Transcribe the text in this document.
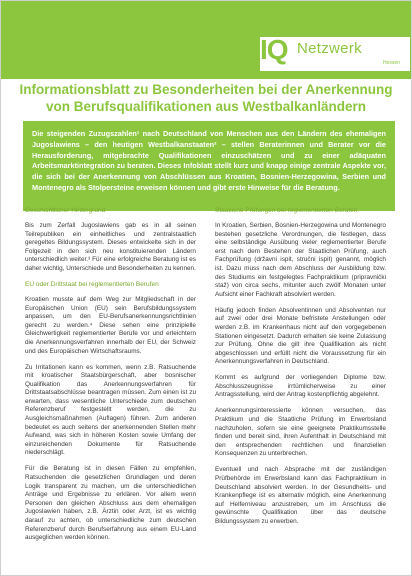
IQ Netzwerk
Hessen
Informationsblatt zu Besonderheiten bei der Anerkennung
von Berufsqualifikationen aus Westbalkanländern
Die steigenden Zuzugszahlen¹ nach Deutschland von Menschen aus den Ländern des ehemaligen Jugoslawiens – den heutigen Westbalkanstaaten² – stellen Beraterinnen und Berater vor die Herausforderung, mitgebrachte Qualifikationen einzuschätzen und zu einer adäquaten Arbeitsmarktintegration zu beraten. Dieses Infoblatt stellt kurz und knapp einige zentrale Aspekte vor, die sich bei der Anerkennung von Abschlüssen aus Kroatien, Bosnien-Herzegowina, Serbien und Montenegro als Stolpersteine erweisen können und gibt erste Hinweise für die Beratung.
Geschichtlicher Hintergrund

Bis zum Zerfall Jugoslawiens gab es in all seinen Teilrepubliken ein einheitliches und zentralstaatlich geregeltes Bildungssystem. Dieses entwickelte sich in der Folgezeit in den sich neu konstituierenden Ländern unterschiedlich weiter.³ Für eine erfolgreiche Beratung ist es daher wichtig, Unterschiede und Besonderheiten zu kennen.

EU oder Drittstaat bei reglementierten Berufen

Kroatien musste auf dem Weg zur Mitgliedschaft in der Europäischen Union (EU) sein Berufsbildungssystem anpassen, um den EU-Berufsanerkennungsrichtlinien gerecht zu werden.⁴ Diese sehen eine prinzipielle Gleichwertigkeit reglementierter Berufe vor und erleichtern die Anerkennungsverfahren innerhalb der EU, der Schweiz und des Europäischen Wirtschaftsraums.

Zu Irritationen kann es kommen, wenn z.B. Ratsuchende mit kroatischer Staatsbürgerschaft, aber bosnischer Qualifikation das Anerkennungsverfahren für Drittstaatsabschlüsse beantragen müssen. Zum einen ist zu erwarten, dass wesentliche Unterschiede zum deutschen Referenzberuf festgestellt werden, die zu Ausgleichsmaßnahmen (Auflagen) führen. Zum anderen bedeutet es auch seitens der anerkennenden Stellen mehr Aufwand, was sich in höheren Kosten sowie Umfang der einzureichenden Dokumente für Ratsuchende niederschlägt.

Für die Beratung ist in diesen Fällen zu empfehlen, Ratsuchenden die gesetzlichen Grundlagen und deren Logik transparent zu machen, um die unterschiedlichen Anträge und Ergebnisse zu erklären. Vor allem wenn Personen den gleichen Abschluss aus dem ehemaligen Jugoslawien haben, z.B. Ärztin oder Arzt, ist es wichtig darauf zu achten, ob unterschiedliche zum deutschen Referenzberuf durch Berufserfahrung aus einem EU-Land ausgeglichen werden können.

Staatliche Prüfungen bei reglementierten Berufen

In Kroatien, Serbien, Bosnien-Herzegowina und Montenegro bestehen gesetzliche Verordnungen, die festlegen, dass eine selbständige Ausübung vieler reglementierter Berufe erst nach dem Bestehen der Staatlichen Prüfung, auch Fachprüfung (državni ispit, stručni ispit) genannt, möglich ist. Dazu muss nach dem Abschluss der Ausbildung bzw. des Studiums ein festgelegtes Fachpraktikum (pripravnički staž) von circa sechs, mitunter auch zwölf Monaten unter Aufsicht einer Fachkraft absolviert werden.

Häufig jedoch finden Absolventinnen und Absolventen nur auf zwei oder drei Monate befristete Anstellungen oder werden z.B. im Krankenhaus nicht auf den vorgegebenen Stationen eingesetzt. Dadurch erhalten sie keine Zulassung zur Prüfung. Ohne die gilt ihre Qualifikation als nicht abgeschlossen und erfüllt nicht die Voraussetzung für ein Anerkennungsverfahren in Deutschland.

Kommt es aufgrund der vorliegenden Diplome bzw. Abschlusszeugnisse irrtümlicherweise zu einer Antragsstellung, wird der Antrag kostenpflichtig abgelehnt.

Anerkennungsinteressierte können versuchen, das Praktikum und die Staatliche Prüfung im Erwerbsland nachzuholen, sofern sie eine geeignete Praktikumsstelle finden und bereit sind, ihren Aufenthalt in Deutschland mit den entsprechenden rechtlichen und finanziellen Konsequenzen zu unterbrechen.

Eventuell und nach Absprache mit der zuständigen Prüfbehörde im Erwerbsland kann das Fachpraktikum in Deutschland absolviert werden. In der Gesundheits- und Krankenpflege ist es alternativ möglich, eine Anerkennung auf Helferniveau anzustreben, um im Anschluss die gewünschte Qualifikation über das deutsche Bildungssystem zu erwerben.
